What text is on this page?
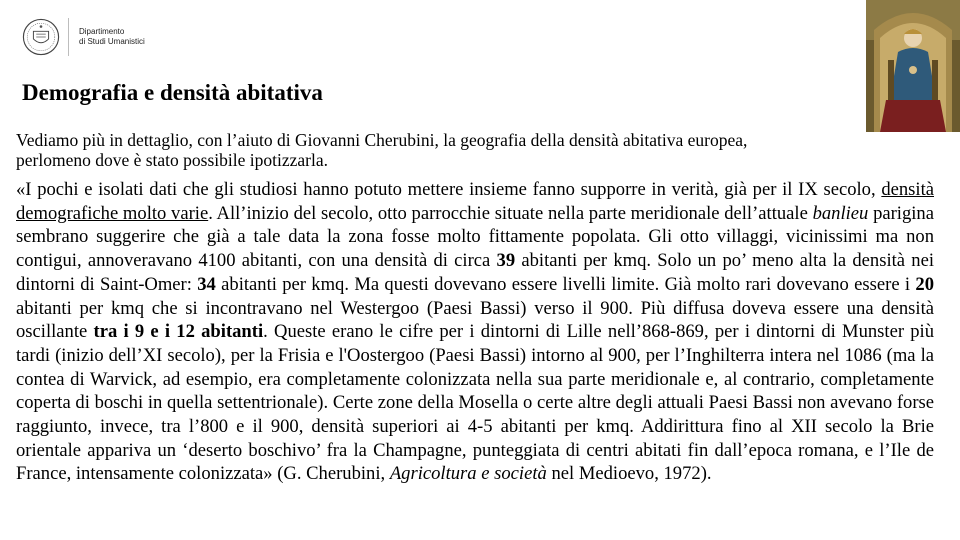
Dipartimento
di Studi Umanistici
Demografia e densità abitativa

Vediamo più in dettaglio, con l’aiuto di Giovanni Cherubini, la geografia della densità abitativa europea,
perlomeno dove è stato possibile ipotizzarla.

«I pochi e isolati dati che gli studiosi hanno potuto mettere insieme fanno supporre in verità, già per il IX secolo, densità demografiche molto varie. All’inizio del secolo, otto parrocchie situate nella parte meridionale dell’attuale banlieu parigina sembrano suggerire che già a tale data la zona fosse molto fittamente popolata. Gli otto villaggi, vicinissimi ma non contigui, annoveravano 4100 abitanti, con una densità di circa 39 abitanti per kmq. Solo un po’ meno alta la densità nei dintorni di Saint-Omer: 34 abitanti per kmq. Ma questi dovevano essere livelli limite. Già molto rari dovevano essere i 20 abitanti per kmq che si incontravano nel Westergoo (Paesi Bassi) verso il 900. Più diffusa doveva essere una densità oscillante tra i 9 e i 12 abitanti. Queste erano le cifre per i dintorni di Lille nell’868-869, per i dintorni di Munster più tardi (inizio dell’XI secolo), per la Frisia e l'Oostergoo (Paesi Bassi) intorno al 900, per l’Inghilterra intera nel 1086 (ma la contea di Warvick, ad esempio, era completamente colonizzata nella sua parte meridionale e, al contrario, completamente coperta di boschi in quella settentrionale). Certe zone della Mosella o certe altre degli attuali Paesi Bassi non avevano forse raggiunto, invece, tra l’800 e il 900, densità superiori ai 4-5 abitanti per kmq. Addirittura fino al XII secolo la Brie orientale appariva un ‘deserto boschivo’ fra la Champagne, punteggiata di centri abitati fin dall’epoca romana, e l’Ile de France, intensamente colonizzata» (G. Cherubini, Agricoltura e società nel Medioevo, 1972).
